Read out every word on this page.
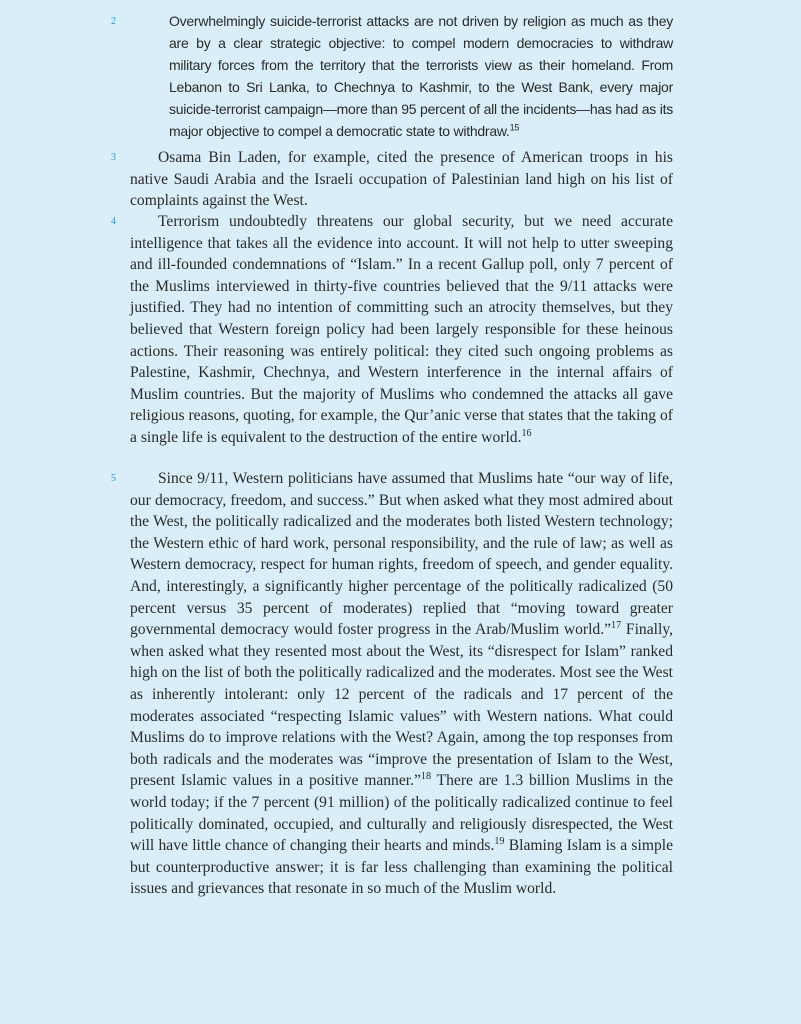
2	Overwhelmingly suicide-terrorist attacks are not driven by religion as much as they are by a clear strategic objective: to compel modern democracies to withdraw military forces from the territory that the terrorists view as their homeland. From Lebanon to Sri Lanka, to Chechnya to Kashmir, to the West Bank, every major suicide-terrorist campaign—more than 95 percent of all the incidents—has had as its major objective to compel a democratic state to withdraw.$^{15}$

3	Osama Bin Laden, for example, cited the presence of American troops in his native Saudi Arabia and the Israeli occupation of Palestinian land high on his list of complaints against the West.

4	Terrorism undoubtedly threatens our global security, but we need accurate intelligence that takes all the evidence into account. It will not help to utter sweeping and ill-founded condemnations of “Islam.” In a recent Gallup poll, only 7 percent of the Muslims interviewed in thirty-five countries believed that the 9/11 attacks were justified. They had no intention of committing such an atrocity themselves, but they believed that Western foreign policy had been largely responsible for these heinous actions. Their reasoning was entirely political: they cited such ongoing problems as Palestine, Kashmir, Chechnya, and Western interference in the internal affairs of Muslim countries. But the majority of Muslims who condemned the attacks all gave religious reasons, quoting, for example, the Qur’anic verse that states that the taking of a single life is equivalent to the destruction of the entire world.$^{16}$

5	Since 9/11, Western politicians have assumed that Muslims hate “our way of life, our democracy, freedom, and success.” But when asked what they most admired about the West, the politically radicalized and the moderates both listed Western technology; the Western ethic of hard work, personal responsibility, and the rule of law; as well as Western democracy, respect for human rights, freedom of speech, and gender equality. And, interestingly, a significantly higher percentage of the politically radicalized (50 percent versus 35 percent of moderates) replied that “moving toward greater governmental democracy would foster progress in the Arab/Muslim world.”$^{17}$ Finally, when asked what they resented most about the West, its “disrespect for Islam” ranked high on the list of both the politically radicalized and the moderates. Most see the West as inherently intolerant: only 12 percent of the radicals and 17 percent of the moderates associated “respecting Islamic values” with Western nations. What could Muslims do to improve relations with the West? Again, among the top responses from both radicals and the moderates was “improve the presentation of Islam to the West, present Islamic values in a positive manner.”$^{18}$ There are 1.3 billion Muslims in the world today; if the 7 percent (91 million) of the politically radicalized continue to feel politically dominated, occupied, and culturally and religiously disrespected, the West will have little chance of changing their hearts and minds.$^{19}$ Blaming Islam is a simple but counterproductive answer; it is far less challenging than examining the political issues and grievances that resonate in so much of the Muslim world.
